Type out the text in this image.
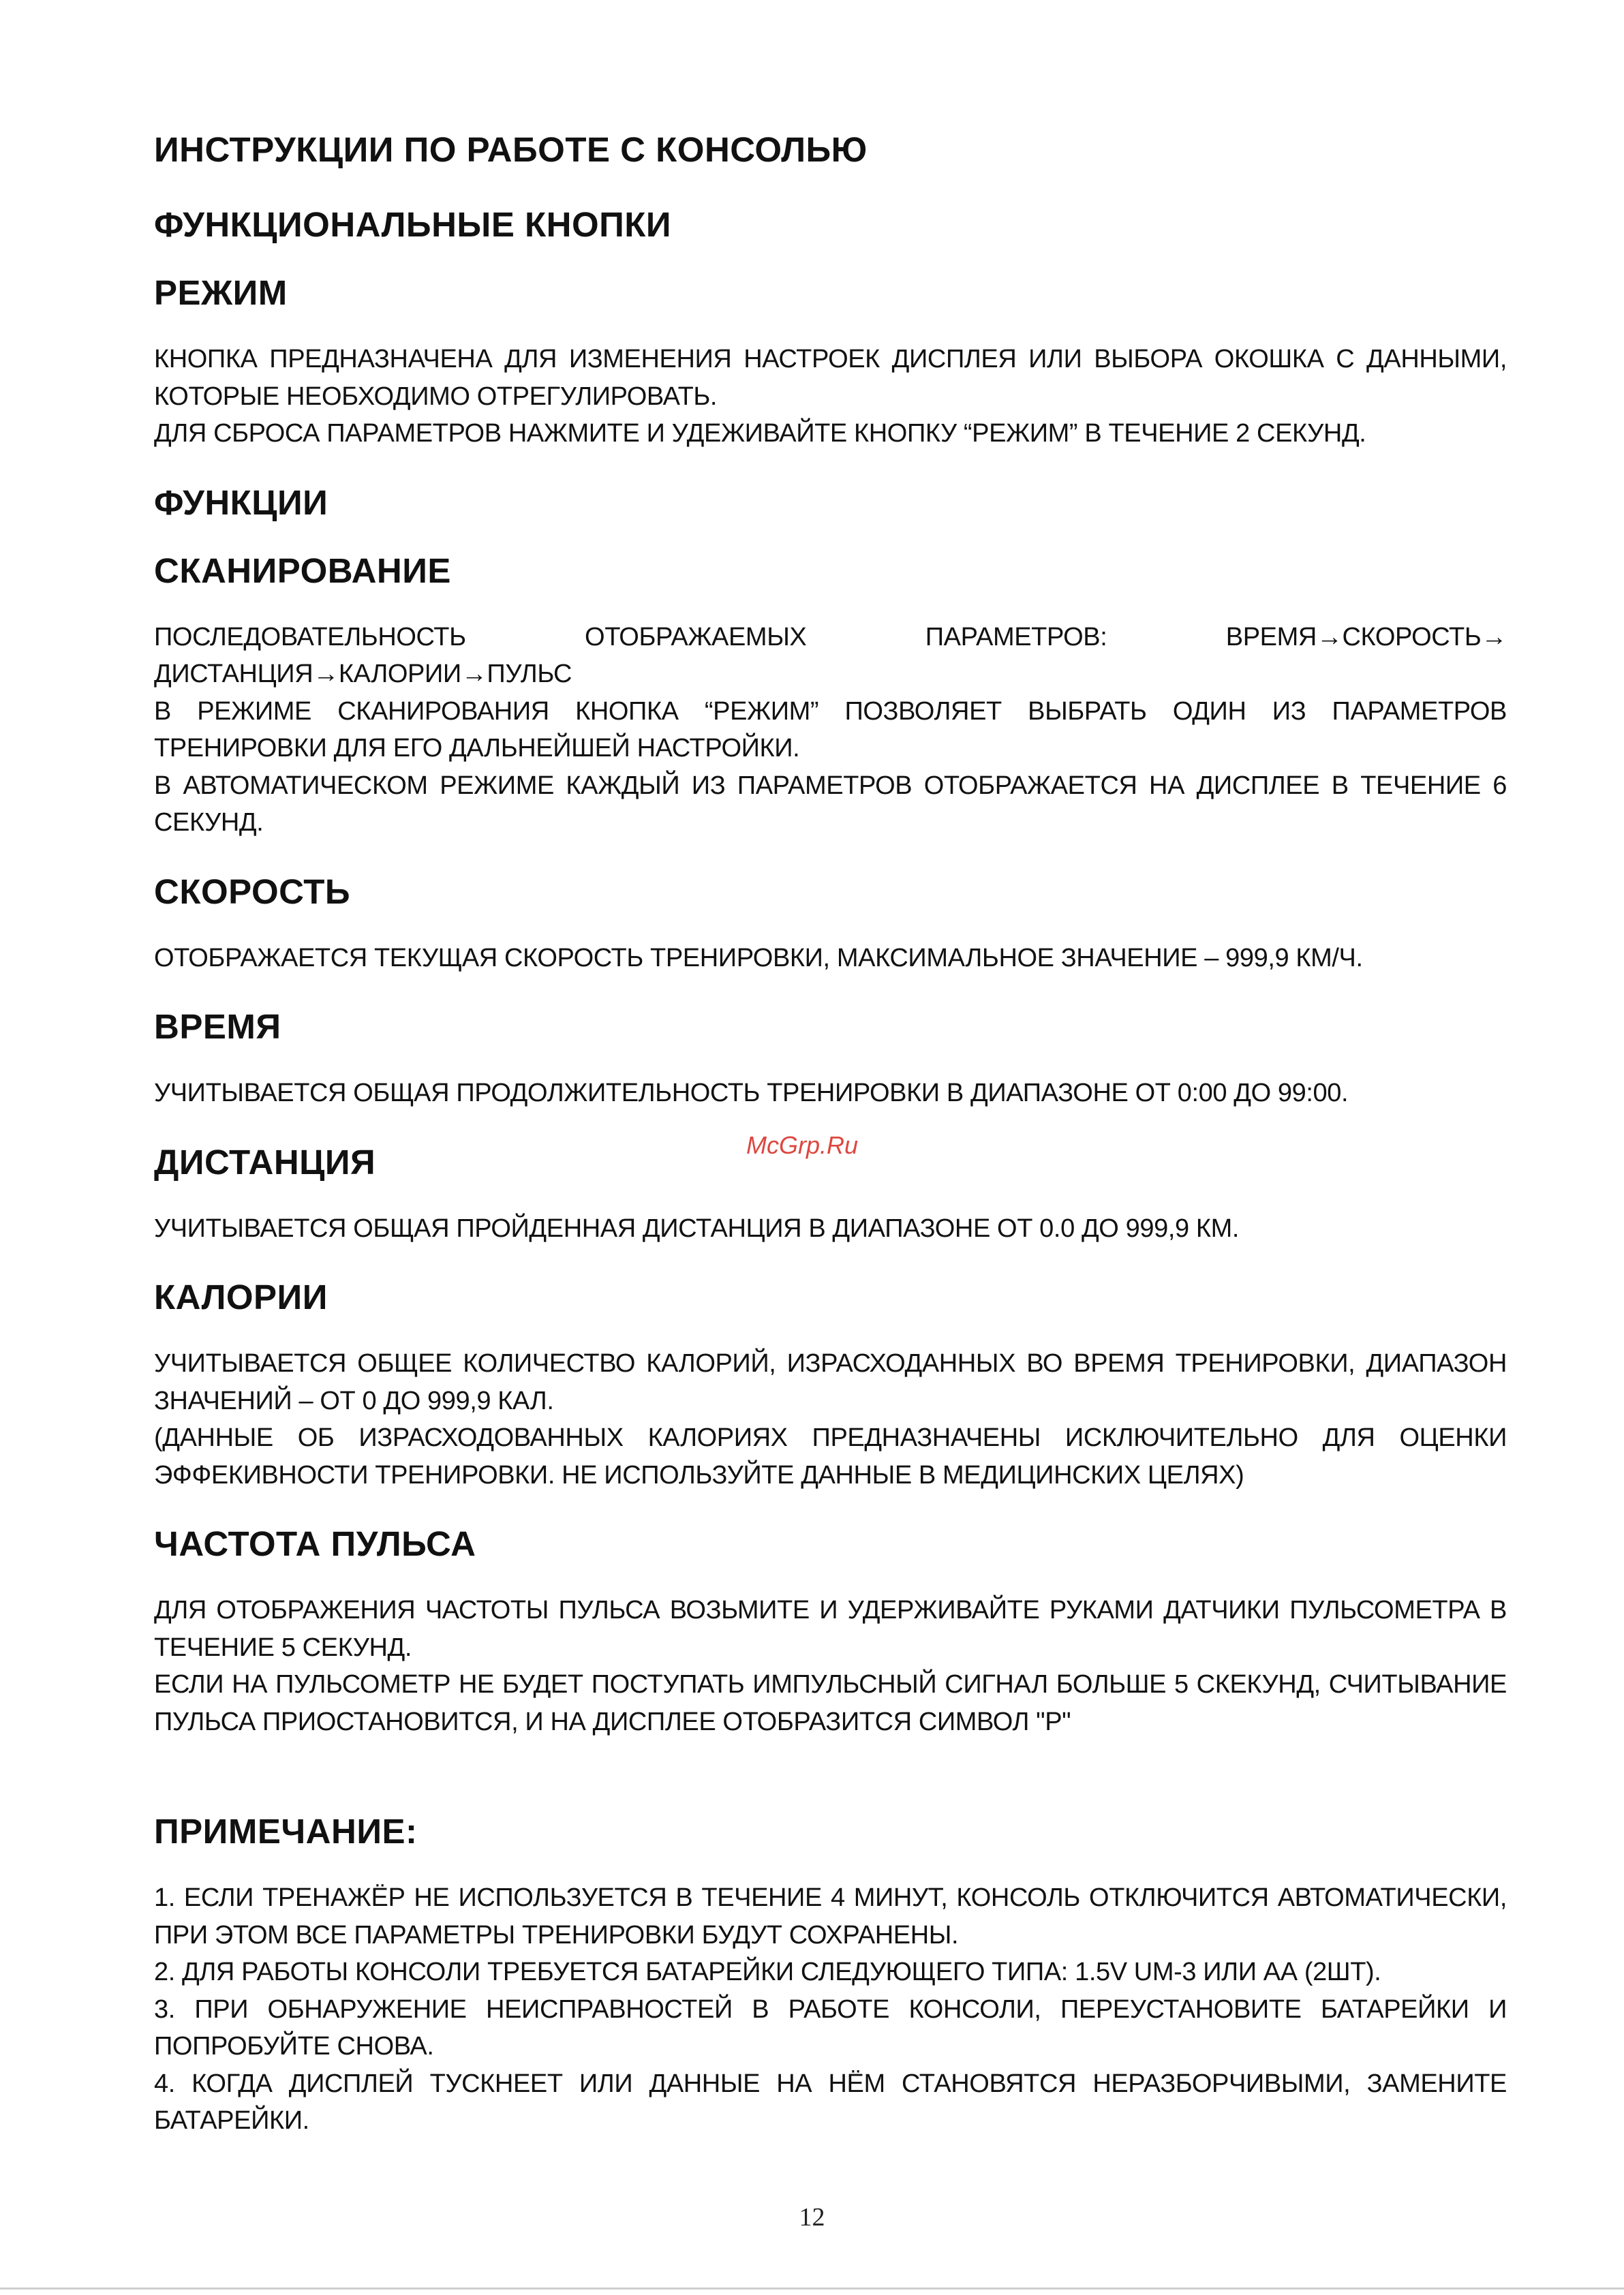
ИНСТРУКЦИИ ПО РАБОТЕ С КОНСОЛЬЮ
ФУНКЦИОНАЛЬНЫЕ КНОПКИ
РЕЖИМ

КНОПКА ПРЕДНАЗНАЧЕНА ДЛЯ ИЗМЕНЕНИЯ НАСТРОЕК ДИСПЛЕЯ ИЛИ ВЫБОРА ОКОШКА С ДАННЫМИ, КОТОРЫЕ НЕОБХОДИМО ОТРЕГУЛИРОВАТЬ.

ДЛЯ СБРОСА ПАРАМЕТРОВ НАЖМИТЕ И УДЕЖИВАЙТЕ КНОПКУ “РЕЖИМ” В ТЕЧЕНИЕ 2 СЕКУНД.

ФУНКЦИИ
СКАНИРОВАНИЕ

ПОСЛЕДОВАТЕЛЬНОСТЬ ОТОБРАЖАЕМЫХ ПАРАМЕТРОВ: ВРЕМЯ→СКОРОСТЬ→ ДИСТАНЦИЯ→КАЛОРИИ→ПУЛЬС

В РЕЖИМЕ СКАНИРОВАНИЯ КНОПКА “РЕЖИМ” ПОЗВОЛЯЕТ ВЫБРАТЬ ОДИН ИЗ ПАРАМЕТРОВ ТРЕНИРОВКИ ДЛЯ ЕГО ДАЛЬНЕЙШЕЙ НАСТРОЙКИ.

В АВТОМАТИЧЕСКОМ РЕЖИМЕ КАЖДЫЙ ИЗ ПАРАМЕТРОВ ОТОБРАЖАЕТСЯ НА ДИСПЛЕЕ В ТЕЧЕНИЕ 6 СЕКУНД.

СКОРОСТЬ

ОТОБРАЖАЕТСЯ ТЕКУЩАЯ СКОРОСТЬ ТРЕНИРОВКИ, МАКСИМАЛЬНОЕ ЗНАЧЕНИЕ – 999,9 КМ/Ч.

ВРЕМЯ

УЧИТЫВАЕТСЯ ОБЩАЯ ПРОДОЛЖИТЕЛЬНОСТЬ ТРЕНИРОВКИ В ДИАПАЗОНЕ ОТ 0:00 ДО 99:00.

ДИСТАНЦИЯ

УЧИТЫВАЕТСЯ ОБЩАЯ ПРОЙДЕННАЯ ДИСТАНЦИЯ В ДИАПАЗОНЕ ОТ 0.0 ДО 999,9 КМ.

КАЛОРИИ

УЧИТЫВАЕТСЯ ОБЩЕЕ КОЛИЧЕСТВО КАЛОРИЙ, ИЗРАСХОДАННЫХ ВО ВРЕМЯ ТРЕНИРОВКИ, ДИАПАЗОН ЗНАЧЕНИЙ – ОТ 0 ДО 999,9 КАЛ.

(ДАННЫЕ ОБ ИЗРАСХОДОВАННЫХ КАЛОРИЯХ ПРЕДНАЗНАЧЕНЫ ИСКЛЮЧИТЕЛЬНО ДЛЯ ОЦЕНКИ ЭФФЕКИВНОСТИ ТРЕНИРОВКИ. НЕ ИСПОЛЬЗУЙТЕ ДАННЫЕ В МЕДИЦИНСКИХ ЦЕЛЯХ)

ЧАСТОТА ПУЛЬСА

ДЛЯ ОТОБРАЖЕНИЯ ЧАСТОТЫ ПУЛЬСА ВОЗЬМИТЕ И УДЕРЖИВАЙТЕ РУКАМИ ДАТЧИКИ ПУЛЬСОМЕТРА В ТЕЧЕНИЕ 5 СЕКУНД.

ЕСЛИ НА ПУЛЬСОМЕТР НЕ БУДЕТ ПОСТУПАТЬ ИМПУЛЬСНЫЙ СИГНАЛ БОЛЬШЕ 5 СКЕКУНД, СЧИТЫВАНИЕ ПУЛЬСА ПРИОСТАНОВИТСЯ, И НА ДИСПЛЕЕ ОТОБРАЗИТСЯ СИМВОЛ "P"

ПРИМЕЧАНИЕ:

1. ЕСЛИ ТРЕНАЖЁР НЕ ИСПОЛЬЗУЕТСЯ В ТЕЧЕНИЕ 4 МИНУТ, КОНСОЛЬ ОТКЛЮЧИТСЯ АВТОМАТИЧЕСКИ, ПРИ ЭТОМ ВСЕ ПАРАМЕТРЫ ТРЕНИРОВКИ БУДУТ СОХРАНЕНЫ.

2. ДЛЯ РАБОТЫ КОНСОЛИ ТРЕБУЕТСЯ БАТАРЕЙКИ СЛЕДУЮЩЕГО ТИПА: 1.5V UM-3 ИЛИ АА (2ШТ).

3. ПРИ ОБНАРУЖЕНИЕ НЕИСПРАВНОСТЕЙ В РАБОТЕ КОНСОЛИ, ПЕРЕУСТАНОВИТЕ БАТАРЕЙКИ И ПОПРОБУЙТЕ СНОВА.

4. КОГДА ДИСПЛЕЙ ТУСКНЕЕТ ИЛИ ДАННЫЕ НА НЁМ СТАНОВЯТСЯ НЕРАЗБОРЧИВЫМИ, ЗАМЕНИТЕ БАТАРЕЙКИ.

McGrp.Ru
12
